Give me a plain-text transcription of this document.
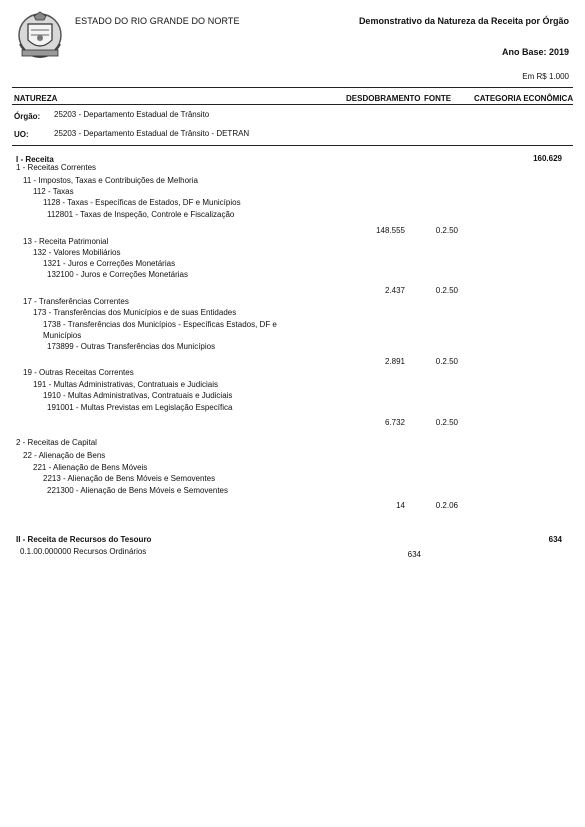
ESTADO DO RIO GRANDE DO NORTE	Demonstrativo da Natureza da Receita por Órgão
Ano Base: 2019
Em R$ 1.000
NATUREZA	DESDOBRAMENTO FONTE	CATEGORIA ECONÔMICA
Órgão: 25203 - Departamento Estadual de Trânsito
UO:	25203 - Departamento Estadual de Trânsito - DETRAN
I - Receita	160.629
1 - Receitas Correntes
11 - Impostos, Taxas e Contribuições de Melhoria
112 - Taxas
1128 - Taxas - Específicas de Estados, DF e Municípios
112801 - Taxas de Inspeção, Controle e Fiscalização
148.555	0.2.50
13 - Receita Patrimonial
132 - Valores Mobiliários
1321 - Juros e Correções Monetárias
132100 - Juros e Correções Monetárias
2.437	0.2.50
17 - Transferências Correntes
173 - Transferências dos Municípios e de suas Entidades
1738 - Transferências dos Municípios - Específicas Estados, DF e
Municípios
173899 - Outras Transferências dos Municípios
2.891	0.2.50
19 - Outras Receitas Correntes
191 - Multas Administrativas, Contratuais e Judiciais
1910 - Multas Administrativas, Contratuais e Judiciais
191001 - Multas Previstas em Legislação Específica
6.732	0.2.50
2 - Receitas de Capital
22 - Alienação de Bens
221 - Alienação de Bens Móveis
2213 - Alienação de Bens Móveis e Semoventes
221300 - Alienação de Bens Móveis e Semoventes
14	0.2.06
II - Receita de Recursos do Tesouro	634
0.1.00.000000 Recursos Ordinários	634
